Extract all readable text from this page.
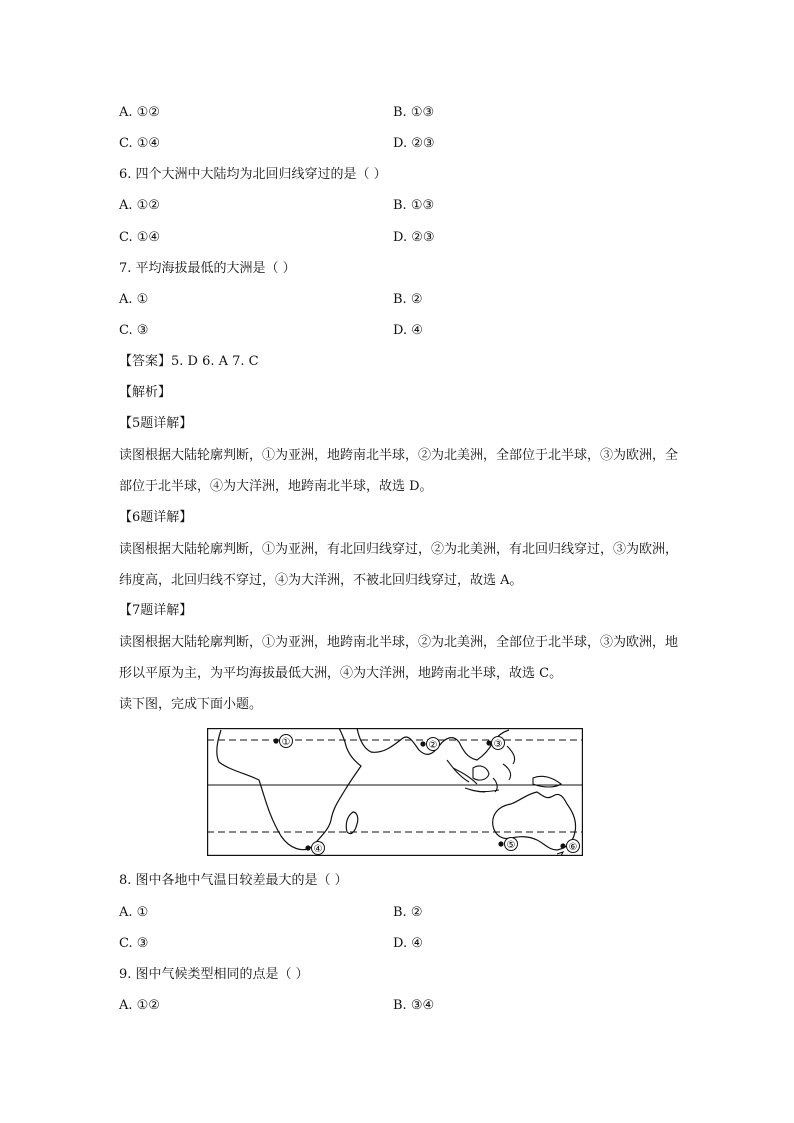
A. ①②	B. ①③
C. ①④	D. ②③
6. 四个大洲中大陆均为北回归线穿过的是（ ）
A. ①②	B. ①③
C. ①④	D. ②③
7. 平均海拔最低的大洲是（ ）
A. ①	B. ②
C. ③	D. ④
【答案】5. D 6. A 7. C
【解析】
【5题详解】
读图根据大陆轮廓判断，①为亚洲，地跨南北半球，②为北美洲，全部位于北半球，③为欧洲，全部位于北半球，④为大洋洲，地跨南北半球，故选 D。
【6题详解】
读图根据大陆轮廓判断，①为亚洲，有北回归线穿过，②为北美洲，有北回归线穿过，③为欧洲，纬度高，北回归线不穿过，④为大洋洲，不被北回归线穿过，故选 A。
【7题详解】
读图根据大陆轮廓判断，①为亚洲，地跨南北半球，②为北美洲，全部位于北半球，③为欧洲，地形以平原为主，为平均海拔最低大洲，④为大洋洲，地跨南北半球，故选 C。
读下图，完成下面小题。
①	②	③
④	⑤	⑥
8. 图中各地中气温日较差最大的是（ ）
A. ①	B. ②
C. ③	D. ④
9. 图中气候类型相同的点是（ ）
A. ①②	B. ③④
